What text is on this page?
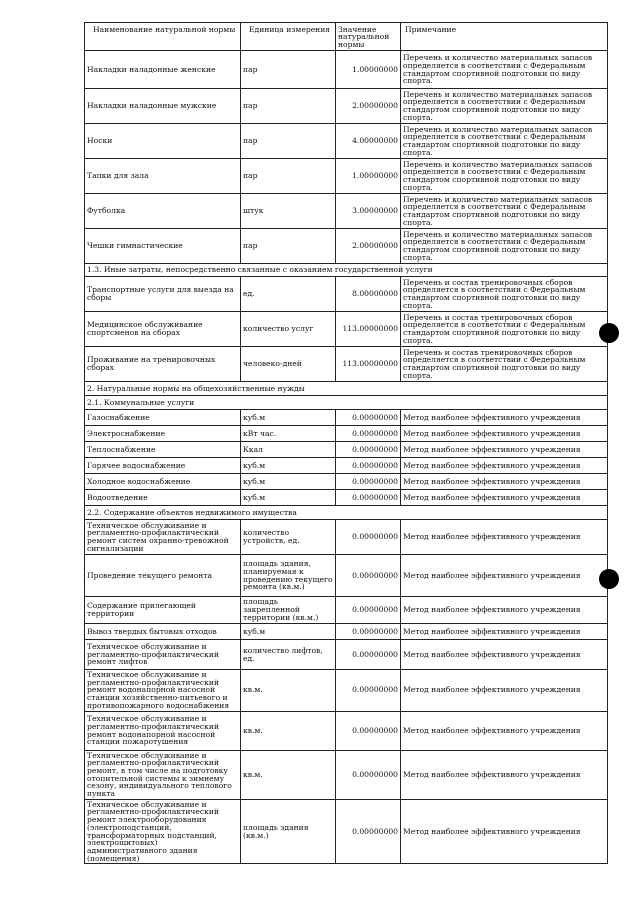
Наименование натуральной нормы	Единица измерения	Значение натуральной нормы	Примечание
Накладки наладонные женские	пар	1.00000000	Перечень и количество материальных запасов определяется в соответствии с Федеральным стандартом спортивной подготовки по виду спорта.
Накладки наладонные мужские	пар	2.00000000	Перечень и количество материальных запасов определяется в соответствии с Федеральным стандартом спортивной подготовки по виду спорта.
Носки	пар	4.00000000	Перечень и количество материальных запасов определяется в соответствии с Федеральным стандартом спортивной подготовки по виду спорта.
Тапки для зала	пар	1.00000000	Перечень и количество материальных запасов определяется в соответствии с Федеральным стандартом спортивной подготовки по виду спорта.
Футболка	штук	3.00000000	Перечень и количество материальных запасов определяется в соответствии с Федеральным стандартом спортивной подготовки по виду спорта.
Чешки гимнастические	пар	2.00000000	Перечень и количество материальных запасов определяется в соответствии с Федеральным стандартом спортивной подготовки по виду спорта.
1.3. Иные затраты, непосредственно связанные с оказанием государственной услуги			
Транспортные услуги для выезда на сборы	ед.	8.00000000	Перечень и состав тренировочных сборов определяется в соответствии с Федеральным стандартом спортивной подготовки по виду спорта.
Медицинское обслуживание спортсменов на сборах	количество услуг	113.00000000	Перечень и состав тренировочных сборов определяется в соответствии с Федеральным стандартом спортивной подготовки по виду спорта.
Проживание на тренировочных сборах	человеко-дней	113.00000000	Перечень и состав тренировочных сборов определяется в соответствии с Федеральным стандартом спортивной подготовки по виду спорта.
2. Натуральные нормы на общехозяйственные нужды			
2.1. Коммунальные услуги			
Газоснабжение	куб.м	0.00000000	Метод наиболее эффективного учреждения
Электроснабжение	кВт час.	0.00000000	Метод наиболее эффективного учреждения
Теплоснабжение	Ккал	0.00000000	Метод наиболее эффективного учреждения
Горячее водоснабжение	куб.м	0.00000000	Метод наиболее эффективного учреждения
Холодное водоснабжение	куб.м	0.00000000	Метод наиболее эффективного учреждения
Водоотведение	куб.м	0.00000000	Метод наиболее эффективного учреждения
2.2. Содержание объектов недвижимого имущества			
Техническое обслуживание и регламентно-профилактический ремонт систем охранно-тревожной сигнализации	количество устройств, ед.	0.00000000	Метод наиболее эффективного учреждения
Проведение текущего ремонта	площадь здания, планируемая к проведению текущего ремонта (кв.м.)	0.00000000	Метод наиболее эффективного учреждения
Содержание прилегающей территории	площадь закрепленной территории (кв.м.)	0.00000000	Метод наиболее эффективного учреждения
Вывоз твердых бытовых отходов	куб.м	0.00000000	Метод наиболее эффективного учреждения
Техническое обслуживание и регламентно-профилактический ремонт лифтов	количество лифтов, ед.	0.00000000	Метод наиболее эффективного учреждения
Техническое обслуживание и регламентно-профилактический ремонт водонапорной насосной станции хозяйственно-питьевого и противопожарного водоснабжения	кв.м.	0.00000000	Метод наиболее эффективного учреждения
Техническое обслуживание и регламентно-профилактический ремонт водонапорной насосной станции пожаротушения	кв.м.	0.00000000	Метод наиболее эффективного учреждения
Техническое обслуживание и регламентно-профилактический ремонт, в том числе на подготовку отопительной системы к зимнему сезону, индивидуального теплового пункта	кв.м.	0.00000000	Метод наиболее эффективного учреждения
Техническое обслуживание и регламентно-профилактический ремонт электрооборудования (электроподстанций, трансформаторных подстанций, электрощитовых) административного здания (помещения)	площадь здания (кв.м.)	0.00000000	Метод наиболее эффективного учреждения
